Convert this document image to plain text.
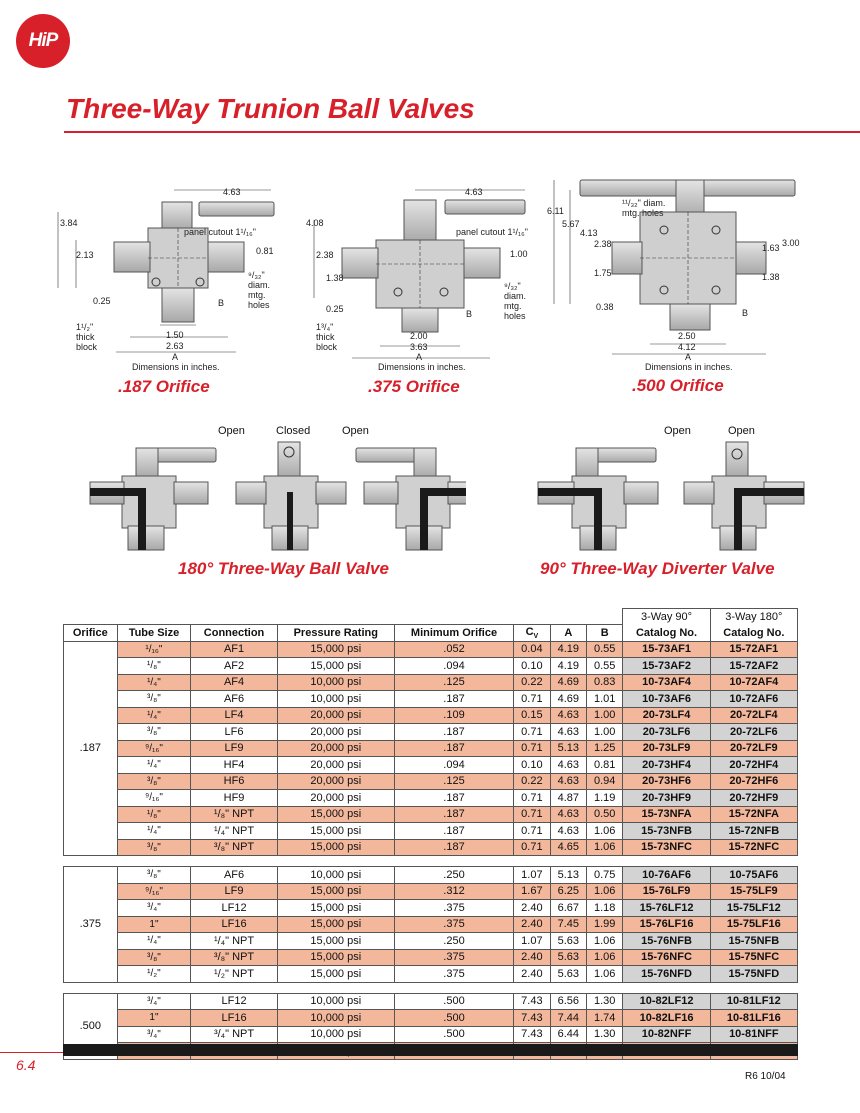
HiP
Three-Way Trunion Ball Valves
4.63
3.84
2.13
panel cutout 1¹/₁₆"
0.81
⁹/₃₂" diam. mtg. holes
B
0.25
1¹/₂" thick block
1.50
2.63
A
Dimensions in inches.
.187 Orifice
4.63
4.08
2.38
1.38
panel cutout 1¹/₁₆"
1.00
⁹/₃₂" diam. mtg. holes
B
0.25
1³/₄" thick block
2.00
3.63
A
Dimensions in inches.
.375 Orifice
6.11
5.67
4.13
2.38
1.75
0.38
¹¹/₃₂" diam. mtg. holes
1.63 3.00
1.38
B
2.50
4.12
A
Dimensions in inches.
.500 Orifice
Open	Closed	Open	Open	Open
180° Three-Way Ball Valve	90° Three-Way Diverter Valve
								3-Way 90°	3-Way 180°
Orifice	Tube Size	Connection	Pressure Rating	Minimum Orifice	$C_V$	A	B	Catalog No.	Catalog No.
.187	¹/₁₆"	AF1	15,000 psi	.052	0.04	4.19	0.55	15-73AF1	15-72AF1
	¹/₈"	AF2	15,000 psi	.094	0.10	4.19	0.55	15-73AF2	15-72AF2
	¹/₄"	AF4	10,000 psi	.125	0.22	4.69	0.83	10-73AF4	10-72AF4
	³/₈"	AF6	10,000 psi	.187	0.71	4.69	1.01	10-73AF6	10-72AF6
	¹/₄"	LF4	20,000 psi	.109	0.15	4.63	1.00	20-73LF4	20-72LF4
	³/₈"	LF6	20,000 psi	.187	0.71	4.63	1.00	20-73LF6	20-72LF6
	⁹/₁₆"	LF9	20,000 psi	.187	0.71	5.13	1.25	20-73LF9	20-72LF9
	¹/₄"	HF4	20,000 psi	.094	0.10	4.63	0.81	20-73HF4	20-72HF4
	³/₈"	HF6	20,000 psi	.125	0.22	4.63	0.94	20-73HF6	20-72HF6
	⁹/₁₆"	HF9	20,000 psi	.187	0.71	4.87	1.19	20-73HF9	20-72HF9
	¹/₈"	¹/₈" NPT	15,000 psi	.187	0.71	4.63	0.50	15-73NFA	15-72NFA
	¹/₄"	¹/₄" NPT	15,000 psi	.187	0.71	4.63	1.06	15-73NFB	15-72NFB
	³/₈"	³/₈" NPT	15,000 psi	.187	0.71	4.65	1.06	15-73NFC	15-72NFC

.375	³/₈"	AF6	10,000 psi	.250	1.07	5.13	0.75	10-76AF6	10-75AF6
	⁹/₁₆"	LF9	15,000 psi	.312	1.67	6.25	1.06	15-76LF9	15-75LF9
	³/₄"	LF12	15,000 psi	.375	2.40	6.67	1.18	15-76LF12	15-75LF12
	1"	LF16	15,000 psi	.375	2.40	7.45	1.99	15-76LF16	15-75LF16
	¹/₄"	¹/₄" NPT	15,000 psi	.250	1.07	5.63	1.06	15-76NFB	15-75NFB
	³/₈"	³/₈" NPT	15,000 psi	.375	2.40	5.63	1.06	15-76NFC	15-75NFC
	¹/₂"	¹/₂" NPT	15,000 psi	.375	2.40	5.63	1.06	15-76NFD	15-75NFD

.500	³/₄"	LF12	10,000 psi	.500	7.43	6.56	1.30	10-82LF12	10-81LF12
	1"	LF16	10,000 psi	.500	7.43	7.44	1.74	10-82LF16	10-81LF16
	³/₄"	³/₄" NPT	10,000 psi	.500	7.43	6.44	1.30	10-82NFF	10-81NFF

6.4
R6 10/04
